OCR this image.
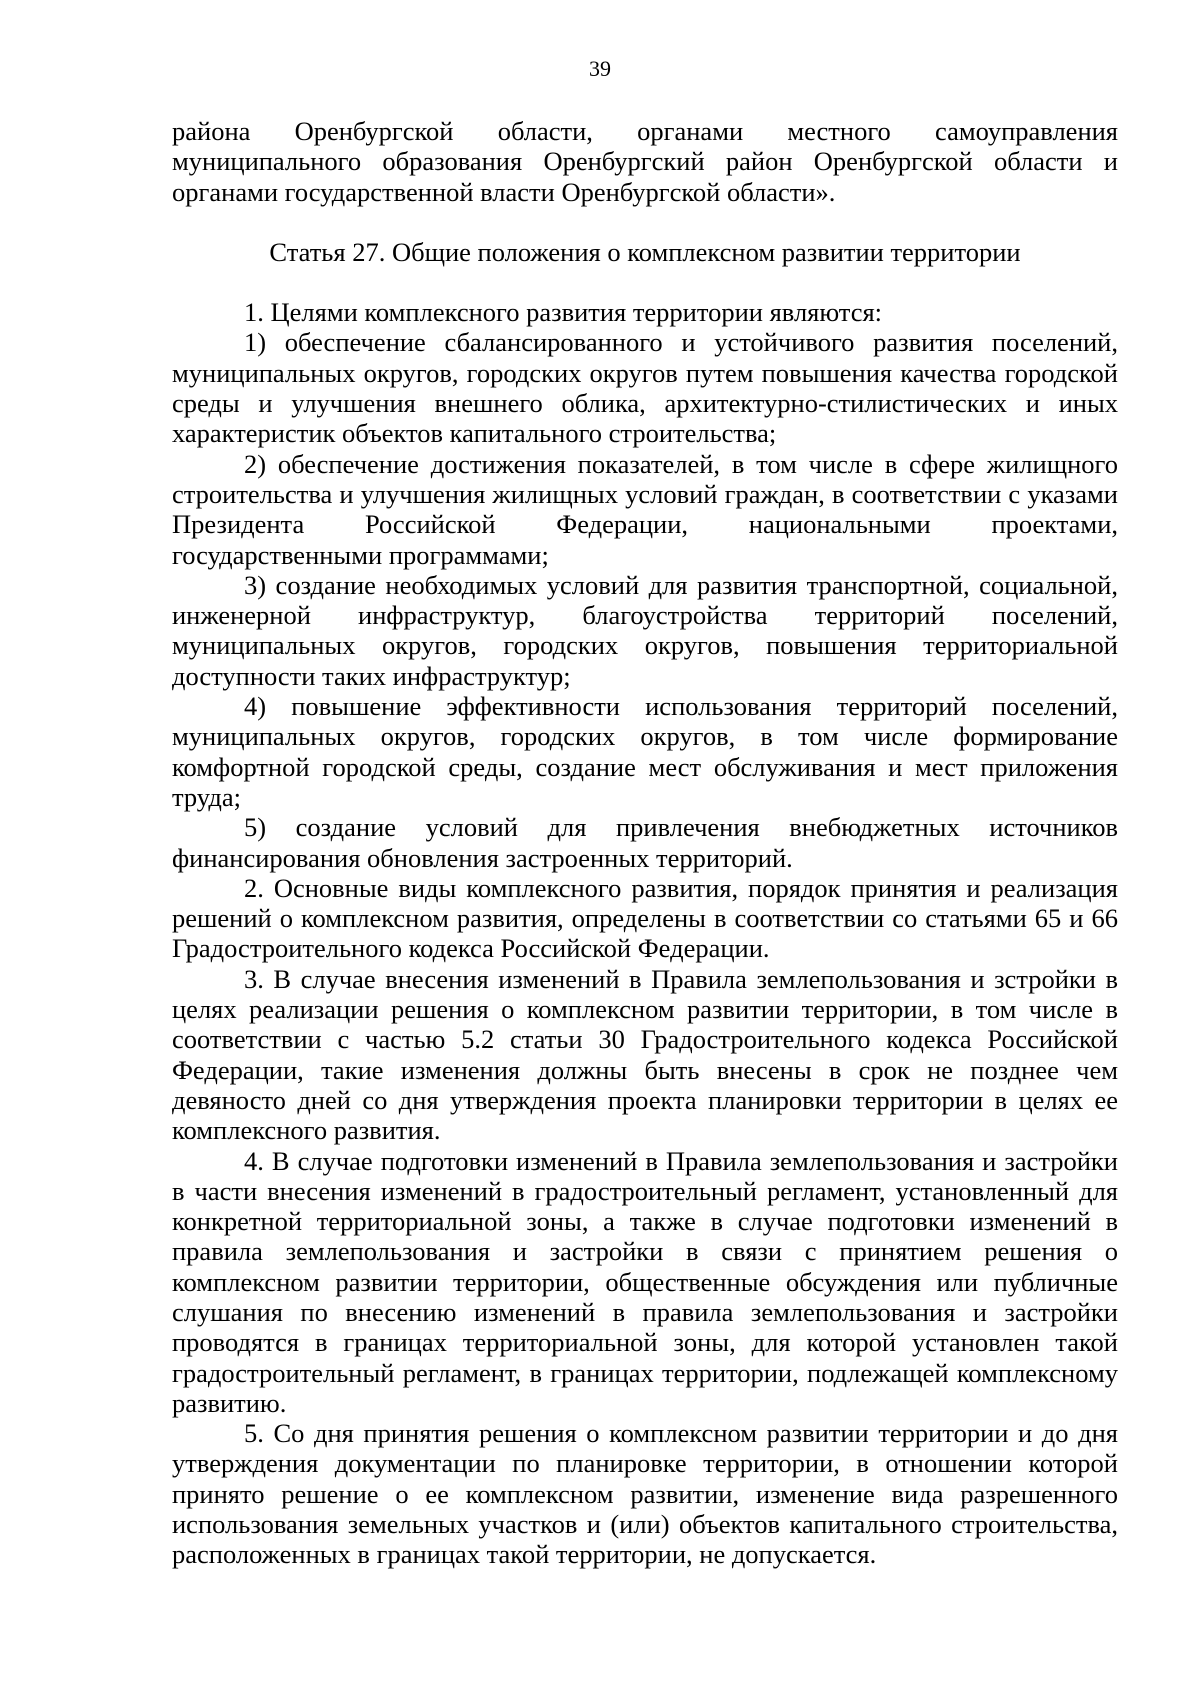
39

района Оренбургской области, органами местного самоуправления муниципального образования Оренбургский район Оренбургской области и органами государственной власти Оренбургской области».

Статья 27. Общие положения о комплексном развитии территории

1. Целями комплексного развития территории являются:

1) обеспечение сбалансированного и устойчивого развития поселений, муниципальных округов, городских округов путем повышения качества городской среды и улучшения внешнего облика, архитектурно-стилистических и иных характеристик объектов капитального строительства;

2) обеспечение достижения показателей, в том числе в сфере жилищного строительства и улучшения жилищных условий граждан, в соответствии с указами Президента Российской Федерации, национальными проектами, государственными программами;

3) создание необходимых условий для развития транспортной, социальной, инженерной инфраструктур, благоустройства территорий поселений, муниципальных округов, городских округов, повышения территориальной доступности таких инфраструктур;

4) повышение эффективности использования территорий поселений, муниципальных округов, городских округов, в том числе формирование комфортной городской среды, создание мест обслуживания и мест приложения труда;

5) создание условий для привлечения внебюджетных источников финансирования обновления застроенных территорий.

2. Основные виды комплексного развития, порядок принятия и реализация решений о комплексном развития, определены в соответствии со статьями 65 и 66 Градостроительного кодекса Российской Федерации.

3. В случае внесения изменений в Правила землепользования и зстройки в целях реализации решения о комплексном развитии территории, в том числе в соответствии с частью 5.2 статьи 30 Градостроительного кодекса Российской Федерации, такие изменения должны быть внесены в срок не позднее чем девяносто дней со дня утверждения проекта планировки территории в целях ее комплексного развития.

4. В случае подготовки изменений в Правила землепользования и застройки в части внесения изменений в градостроительный регламент, установленный для конкретной территориальной зоны, а также в случае подготовки изменений в правила землепользования и застройки в связи с принятием решения о комплексном развитии территории, общественные обсуждения или публичные слушания по внесению изменений в правила землепользования и застройки проводятся в границах территориальной зоны, для которой установлен такой градостроительный регламент, в границах территории, подлежащей комплексному развитию.

5. Со дня принятия решения о комплексном развитии территории и до дня утверждения документации по планировке территории, в отношении которой принято решение о ее комплексном развитии, изменение вида разрешенного использования земельных участков и (или) объектов капитального строительства, расположенных в границах такой территории, не допускается.
